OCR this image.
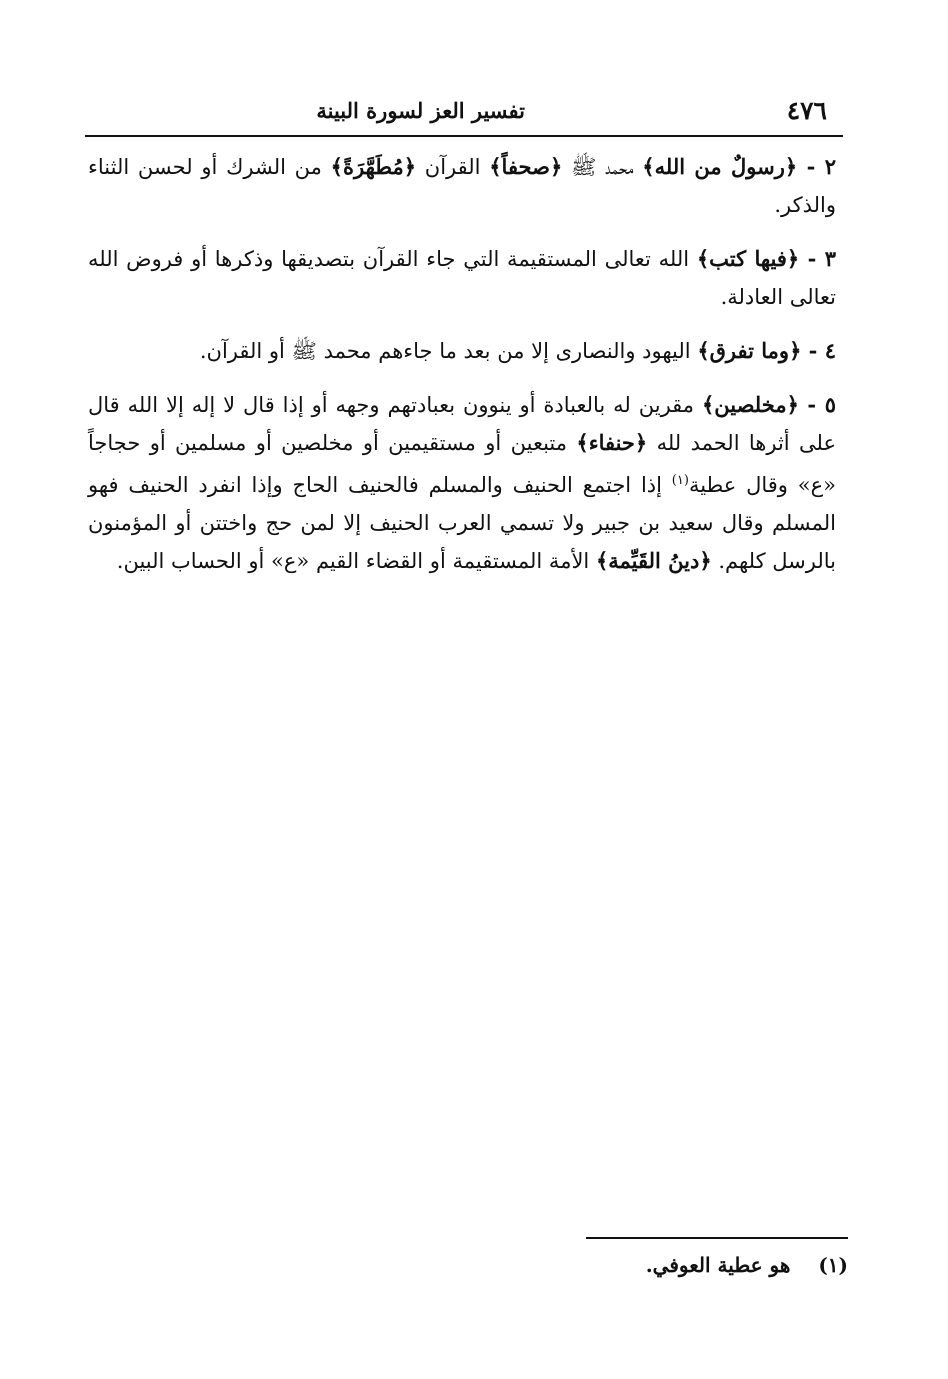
٤٧٦
تفسير العز لسورة البينة

٢ - ﴿رسولٌ من الله﴾ محمد ﷺ ﴿صحفاً﴾ القرآن ﴿مُطَهَّرَةً﴾ من الشرك أو لحسن الثناء والذكر.

٣ - ﴿فيها كتب﴾ الله تعالى المستقيمة التي جاء القرآن بتصديقها وذكرها أو فروض الله تعالى العادلة.

٤ - ﴿وما تفرق﴾ اليهود والنصارى إلا من بعد ما جاءهم محمد ﷺ أو القرآن.

٥ - ﴿مخلصين﴾ مقرين له بالعبادة أو ينوون بعبادتهم وجهه أو إذا قال لا إله إلا الله قال على أثرها الحمد لله ﴿حنفاء﴾ متبعين أو مستقيمين أو مخلصين أو مسلمين أو حجاجاً «ع» وقال عطية$^{(١)}$ إذا اجتمع الحنيف والمسلم فالحنيف الحاج وإذا انفرد الحنيف فهو المسلم وقال سعيد بن جبير ولا تسمي العرب الحنيف إلا لمن حج واختتن أو المؤمنون بالرسل كلهم. ﴿دينُ القَيِّمة﴾ الأمة المستقيمة أو القضاء القيم «ع» أو الحساب البين.

(١)    هو عطية العوفي.
